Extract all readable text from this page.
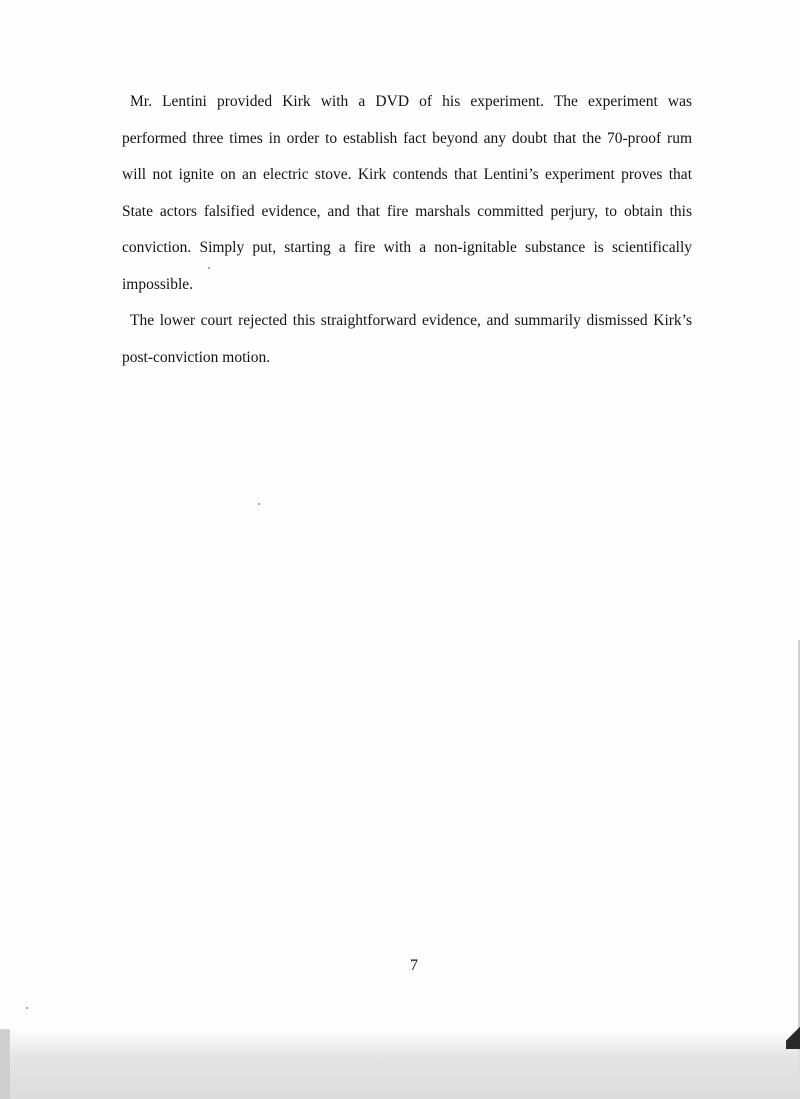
Mr. Lentini provided Kirk with a DVD of his experiment. The experiment was
performed three times in order to establish fact beyond any doubt that the 70-proof rum
will not ignite on an electric stove. Kirk contends that Lentini’s experiment proves that
State actors falsified evidence, and that fire marshals committed perjury, to obtain this
conviction. Simply put, starting a fire with a non-ignitable substance is scientifically
impossible.
The lower court rejected this straightforward evidence, and summarily dismissed Kirk’s
post-conviction motion.
7
